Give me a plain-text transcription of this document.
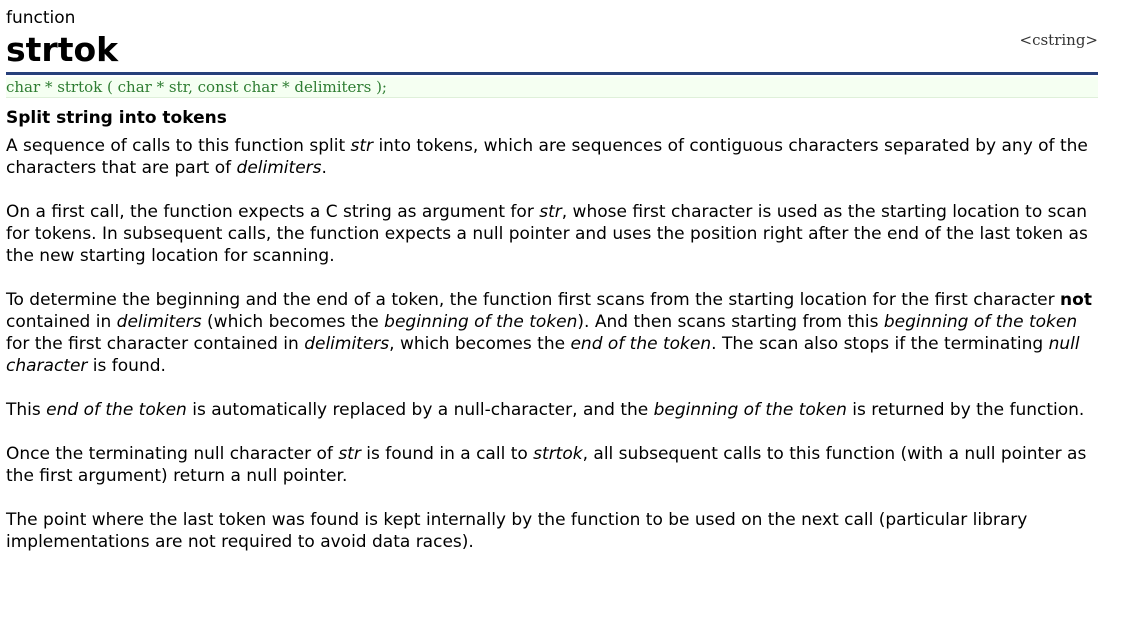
function
strtok	<cstring>
char * strtok ( char * str, const char * delimiters );
Split string into tokens

A sequence of calls to this function split str into tokens, which are sequences of contiguous characters separated by any of the characters that are part of delimiters.

On a first call, the function expects a C string as argument for str, whose first character is used as the starting location to scan for tokens. In subsequent calls, the function expects a null pointer and uses the position right after the end of the last token as the new starting location for scanning.

To determine the beginning and the end of a token, the function first scans from the starting location for the first character not contained in delimiters (which becomes the beginning of the token). And then scans starting from this beginning of the token for the first character contained in delimiters, which becomes the end of the token. The scan also stops if the terminating null character is found.

This end of the token is automatically replaced by a null-character, and the beginning of the token is returned by the function.

Once the terminating null character of str is found in a call to strtok, all subsequent calls to this function (with a null pointer as the first argument) return a null pointer.

The point where the last token was found is kept internally by the function to be used on the next call (particular library implementations are not required to avoid data races).
